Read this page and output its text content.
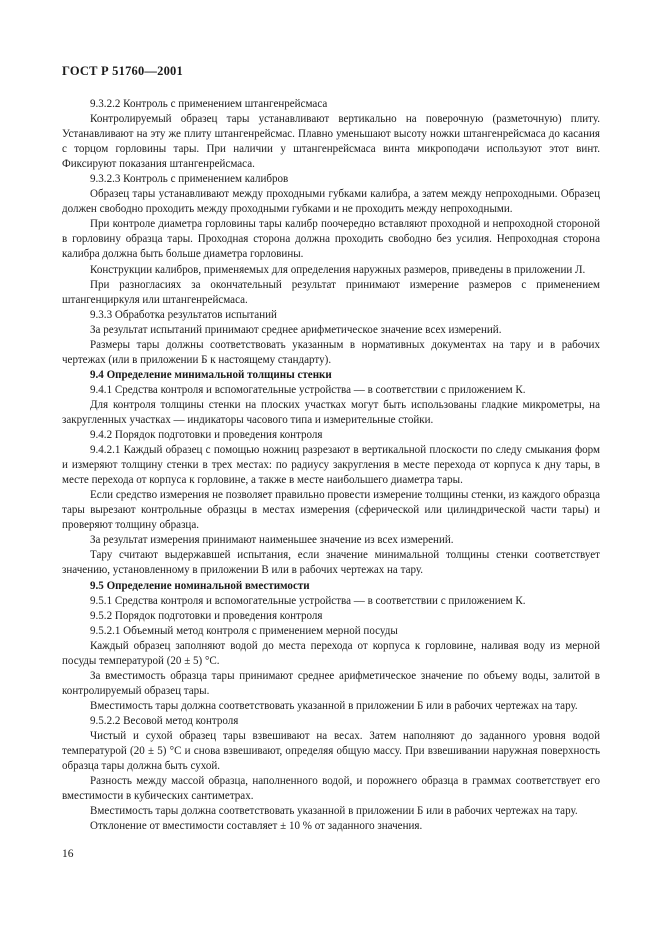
ГОСТ Р 51760—2001

9.3.2.2 Контроль с применением штангенрейсмаса

Контролируемый образец тары устанавливают вертикально на поверочную (разметочную) плиту. Устанавливают на эту же плиту штангенрейсмас. Плавно уменьшают высоту ножки штангенрейсмаса до касания с торцом горловины тары. При наличии у штангенрейсмаса винта микроподачи используют этот винт. Фиксируют показания штангенрейсмаса.

9.3.2.3 Контроль с применением калибров

Образец тары устанавливают между проходными губками калибра, а затем между непроходными. Образец должен свободно проходить между проходными губками и не проходить между непроходными.

При контроле диаметра горловины тары калибр поочередно вставляют проходной и непроходной стороной в горловину образца тары. Проходная сторона должна проходить свободно без усилия. Непроходная сторона калибра должна быть больше диаметра горловины.

Конструкции калибров, применяемых для определения наружных размеров, приведены в приложении Л.

При разногласиях за окончательный результат принимают измерение размеров с применением штангенциркуля или штангенрейсмаса.

9.3.3 Обработка результатов испытаний

За результат испытаний принимают среднее арифметическое значение всех измерений.

Размеры тары должны соответствовать указанным в нормативных документах на тару и в рабочих чертежах (или в приложении Б к настоящему стандарту).

9.4 Определение минимальной толщины стенки

9.4.1 Средства контроля и вспомогательные устройства — в соответствии с приложением К.

Для контроля толщины стенки на плоских участках могут быть использованы гладкие микрометры, на закругленных участках — индикаторы часового типа и измерительные стойки.

9.4.2 Порядок подготовки и проведения контроля

9.4.2.1 Каждый образец с помощью ножниц разрезают в вертикальной плоскости по следу смыкания форм и измеряют толщину стенки в трех местах: по радиусу закругления в месте перехода от корпуса к дну тары, в месте перехода от корпуса к горловине, а также в месте наибольшего диаметра тары.

Если средство измерения не позволяет правильно провести измерение толщины стенки, из каждого образца тары вырезают контрольные образцы в местах измерения (сферической или цилиндрической части тары) и проверяют толщину образца.

За результат измерения принимают наименьшее значение из всех измерений.

Тару считают выдержавшей испытания, если значение минимальной толщины стенки соответствует значению, установленному в приложении В или в рабочих чертежах на тару.

9.5 Определение номинальной вместимости

9.5.1 Средства контроля и вспомогательные устройства — в соответствии с приложением К.

9.5.2 Порядок подготовки и проведения контроля

9.5.2.1 Объемный метод контроля с применением мерной посуды

Каждый образец заполняют водой до места перехода от корпуса к горловине, наливая воду из мерной посуды температурой (20 ± 5) °С.

За вместимость образца тары принимают среднее арифметическое значение по объему воды, залитой в контролируемый образец тары.

Вместимость тары должна соответствовать указанной в приложении Б или в рабочих чертежах на тару.

9.5.2.2 Весовой метод контроля

Чистый и сухой образец тары взвешивают на весах. Затем наполняют до заданного уровня водой температурой (20 ± 5) °С и снова взвешивают, определяя общую массу. При взвешивании наружная поверхность образца тары должна быть сухой.

Разность между массой образца, наполненного водой, и порожнего образца в граммах соответствует его вместимости в кубических сантиметрах.

Вместимость тары должна соответствовать указанной в приложении Б или в рабочих чертежах на тару.

Отклонение от вместимости составляет ± 10 % от заданного значения.

16
